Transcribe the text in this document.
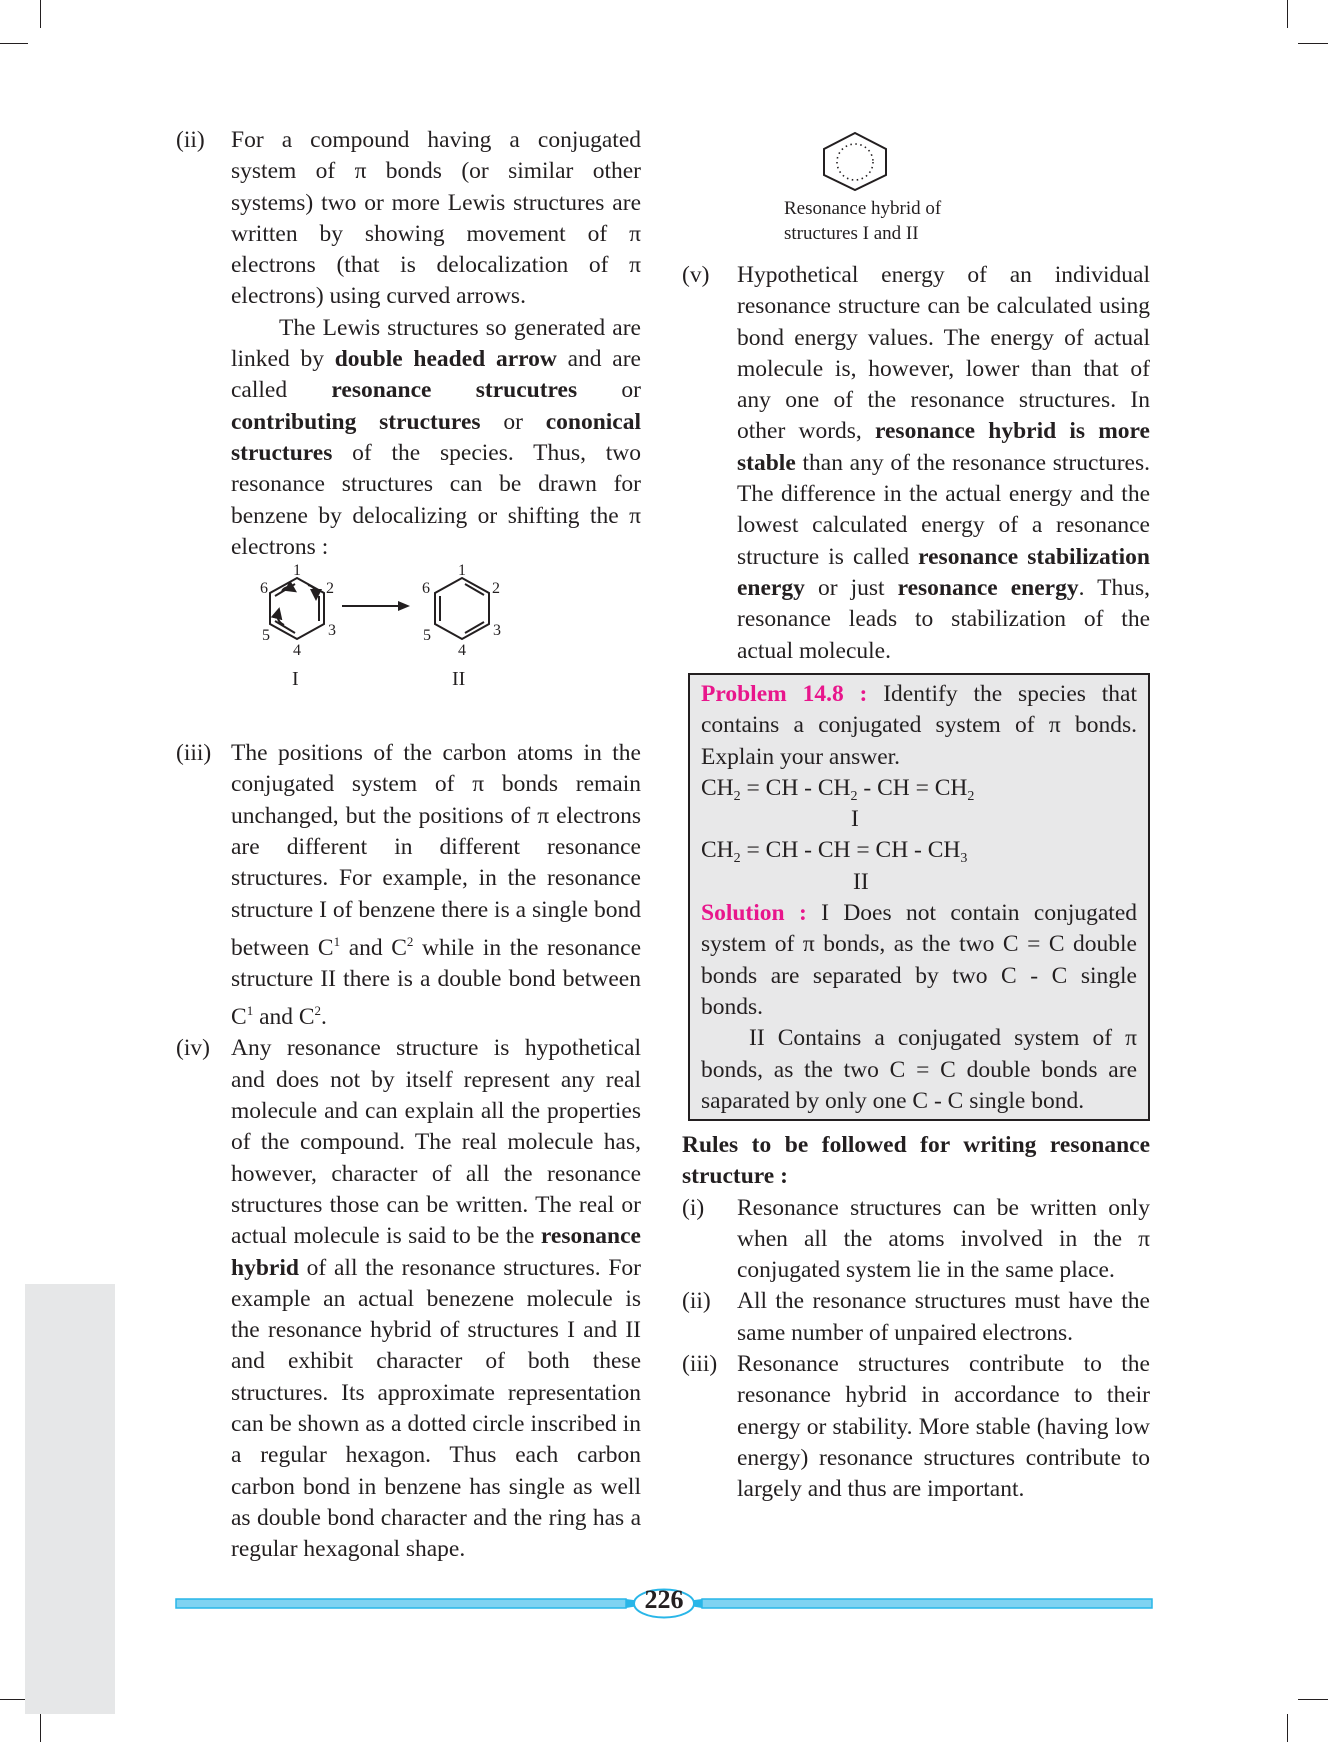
(ii)	For a compound having a conjugated system of π bonds (or similar other systems) two or more Lewis structures are written by showing movement of π electrons (that is delocalization of π electrons) using curved arrows.
The Lewis structures so generated are linked by double headed arrow and are called resonance strucutres or contributing structures or cononical structures of the species. Thus, two resonance structures can be drawn for benzene by delocalizing or shifting the π electrons :
1
2
3
4
5
6
1
2
3
4
5
6
I	II
(iii) The positions of the carbon atoms in the conjugated system of π bonds remain unchanged, but the positions of π electrons are different in different resonance structures. For example, in the resonance structure I of benzene there is a single bond between $C^1$ and $C^2$ while in the resonance structure II there is a double bond between $C^1$ and $C^2$.
(iv) Any resonance structure is hypothetical and does not by itself represent any real molecule and can explain all the properties of the compound. The real molecule has, however, character of all the resonance structures those can be written. The real or actual molecule is said to be the resonance hybrid of all the resonance structures. For example an actual benezene molecule is the resonance hybrid of structures I and II and exhibit character of both these structures. Its approximate representation can be shown as a dotted circle inscribed in a regular hexagon. Thus each carbon carbon bond in benzene has single as well as double bond character and the ring has a regular hexagonal shape.
Resonance hybrid of
structures I and II
(v)	Hypothetical energy of an individual resonance structure can be calculated using bond energy values. The energy of actual molecule is, however, lower than that of any one of the resonance structures. In other words, resonance hybrid is more stable than any of the resonance structures. The difference in the actual energy and the lowest calculated energy of a resonance structure is called resonance stabilization energy or just resonance energy. Thus, resonance leads to stabilization of the actual molecule.
Problem 14.8 : Identify the species that contains a conjugated system of π bonds. Explain your answer.
$CH_2$ = CH - $CH_2$ - CH = $CH_2$
I
$CH_2$ = CH - CH = CH - $CH_3$
II
Solution : I Does not contain conjugated system of π bonds, as the two C = C double bonds are separated by two C - C single bonds.
II Contains a conjugated system of π bonds, as the two C = C double bonds are saparated by only one C - C single bond.
Rules to be followed for writing resonance structure :
(i)	Resonance structures can be written only when all the atoms involved in the π conjugated system lie in the same place.
(ii)	All the resonance structures must have the same number of unpaired electrons.
(iii) Resonance structures contribute to the resonance hybrid in accordance to their energy or stability. More stable (having low energy) resonance structures contribute to largely and thus are important.
226
